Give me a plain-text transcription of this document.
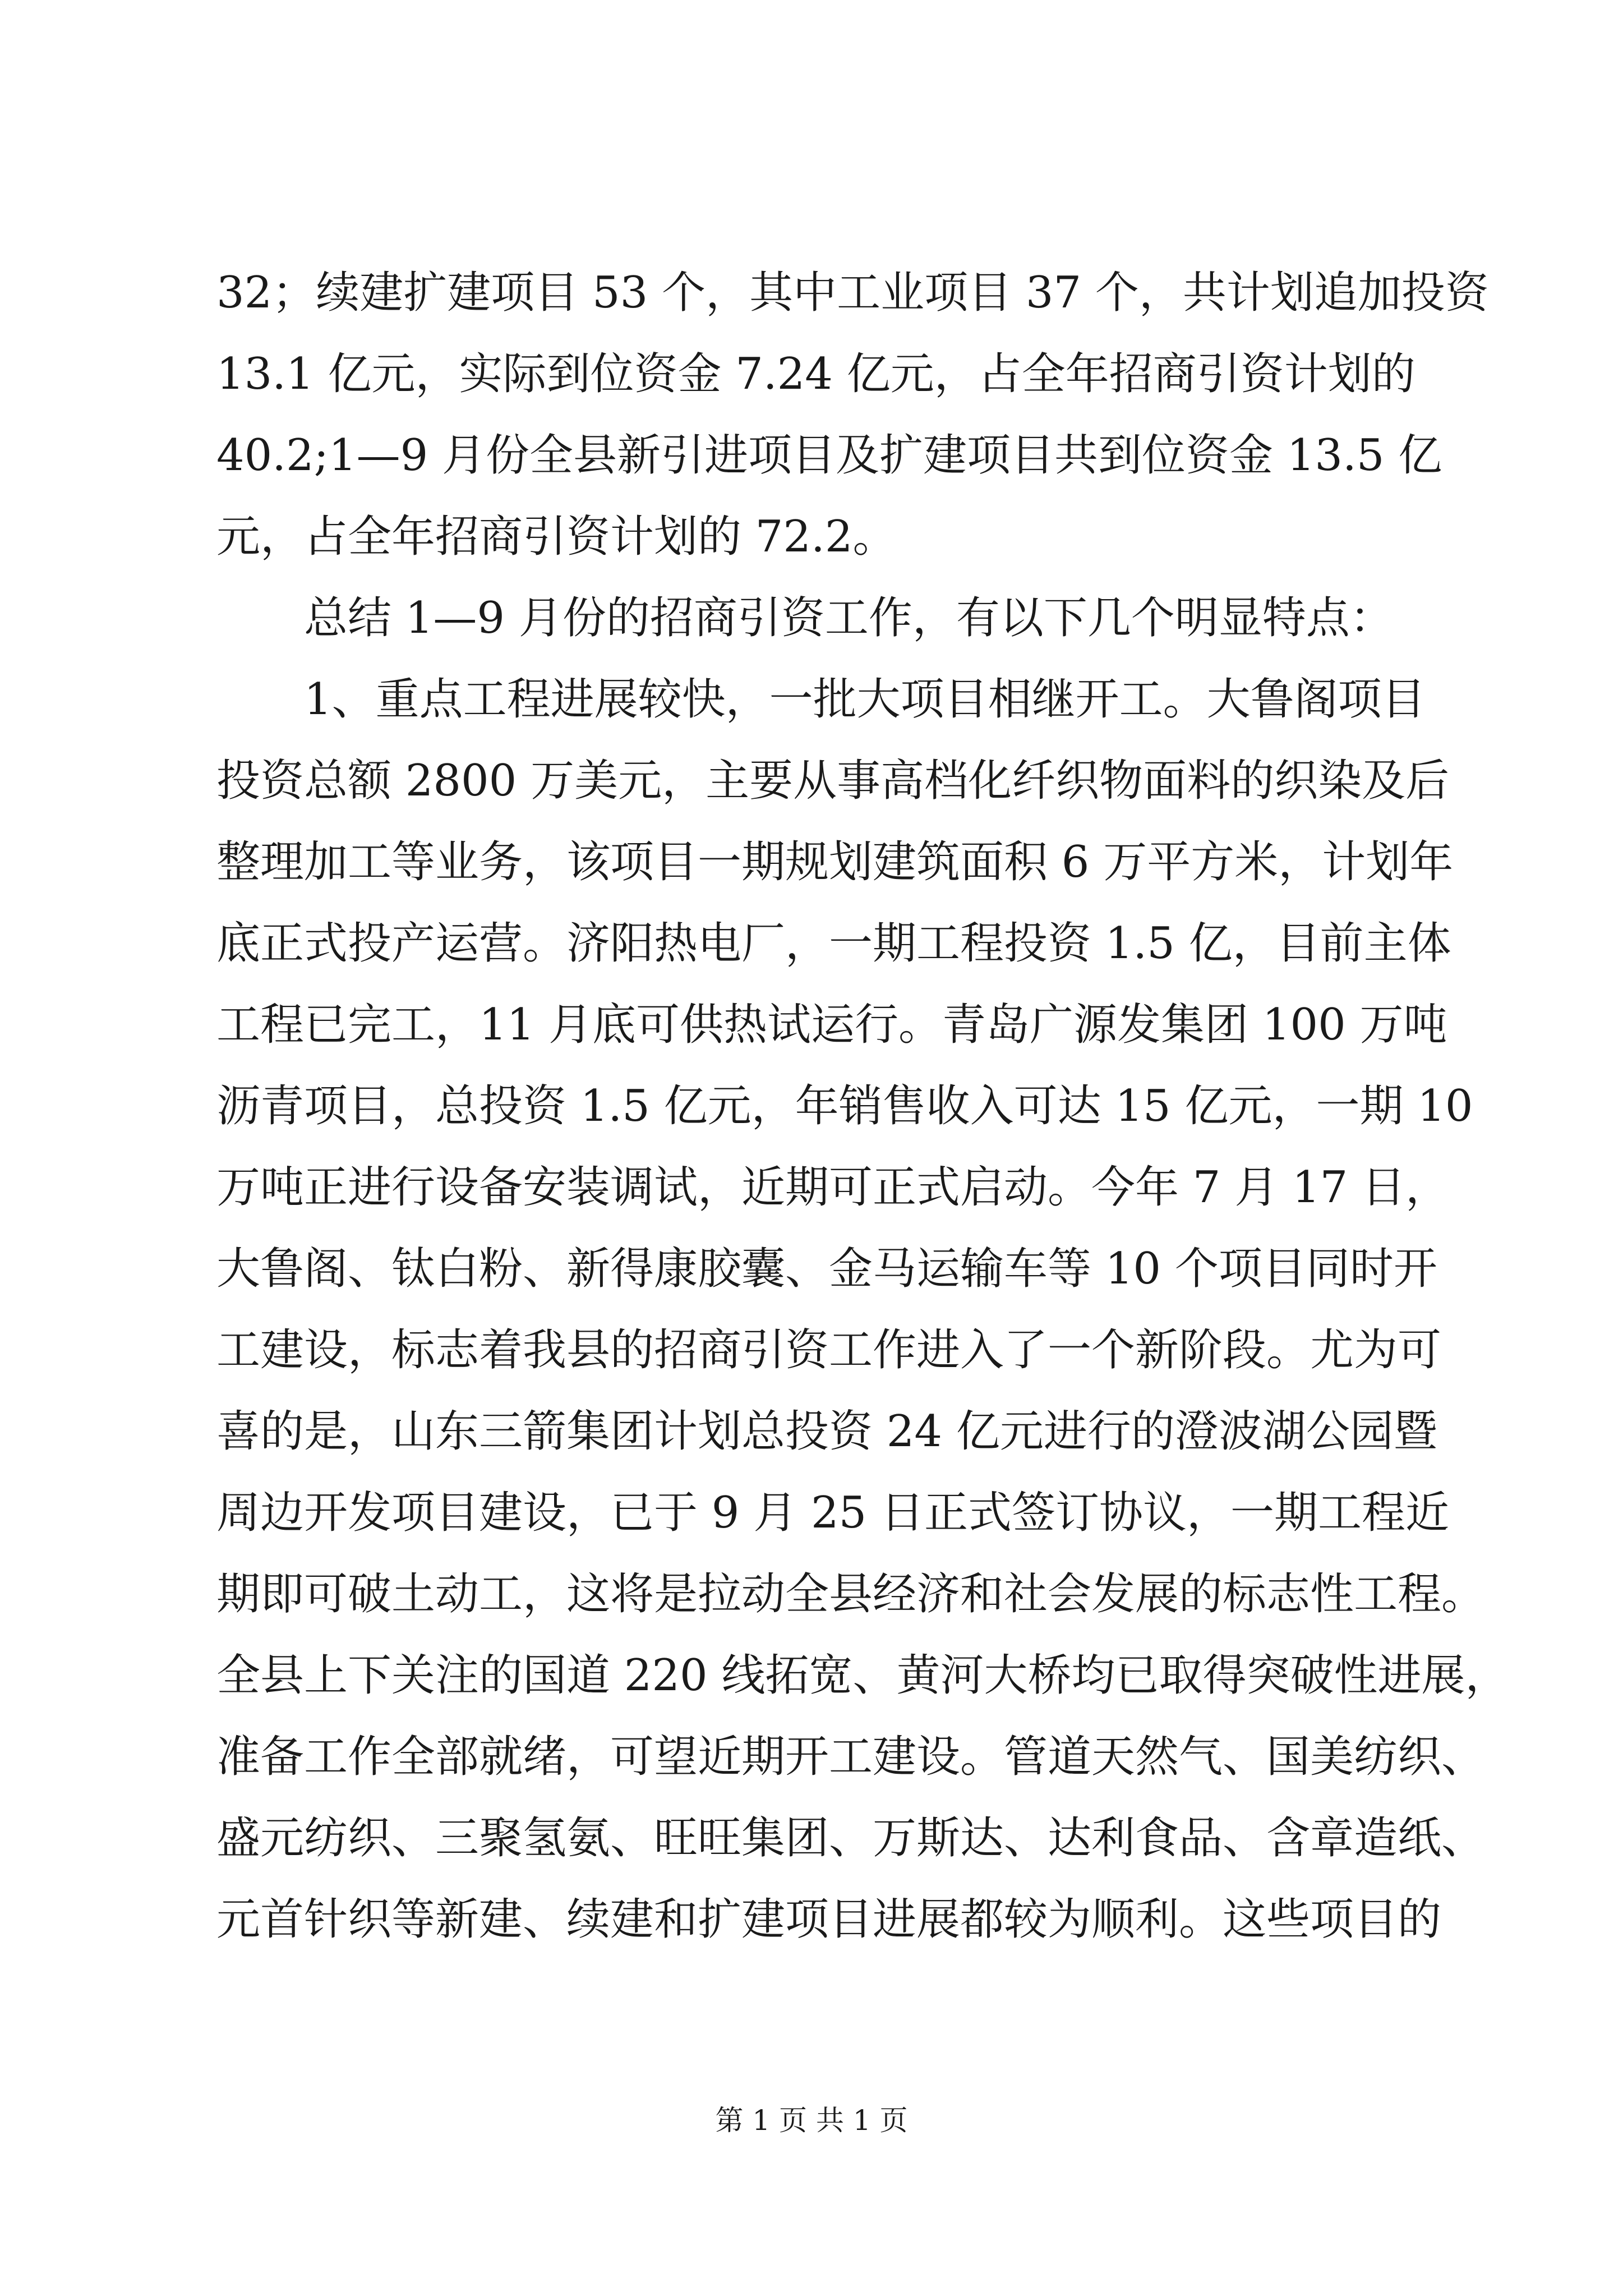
32；续建扩建项目 53 个，其中工业项目 37 个，共计划追加投资
13.1 亿元，实际到位资金 7.24 亿元，占全年招商引资计划的
40.2;1—9 月份全县新引进项目及扩建项目共到位资金 13.5 亿
元，占全年招商引资计划的 72.2。
　　总结 1—9 月份的招商引资工作，有以下几个明显特点：
　　1、重点工程进展较快，一批大项目相继开工。大鲁阁项目
投资总额 2800 万美元，主要从事高档化纤织物面料的织染及后
整理加工等业务，该项目一期规划建筑面积 6 万平方米，计划年
底正式投产运营。济阳热电厂，一期工程投资 1.5 亿，目前主体
工程已完工，11 月底可供热试运行。青岛广源发集团 100 万吨
沥青项目，总投资 1.5 亿元，年销售收入可达 15 亿元，一期 10
万吨正进行设备安装调试，近期可正式启动。今年 7 月 17 日，
大鲁阁、钛白粉、新得康胶囊、金马运输车等 10 个项目同时开
工建设，标志着我县的招商引资工作进入了一个新阶段。尤为可
喜的是，山东三箭集团计划总投资 24 亿元进行的澄波湖公园暨
周边开发项目建设，已于 9 月 25 日正式签订协议，一期工程近
期即可破土动工，这将是拉动全县经济和社会发展的标志性工程。
全县上下关注的国道 220 线拓宽、黄河大桥均已取得突破性进展，
准备工作全部就绪，可望近期开工建设。管道天然气、国美纺织、
盛元纺织、三聚氢氨、旺旺集团、万斯达、达利食品、含章造纸、
元首针织等新建、续建和扩建项目进展都较为顺利。这些项目的
第 1 页 共 1 页
